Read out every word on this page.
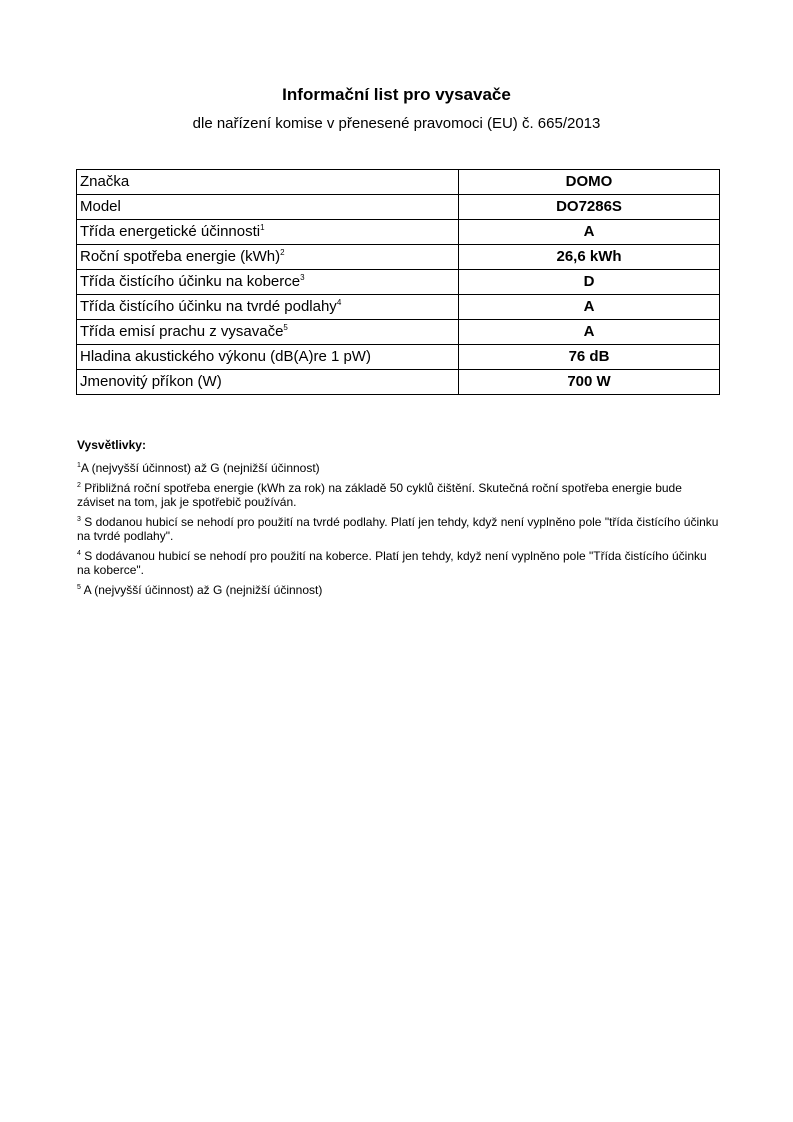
Informační list pro vysavače
dle nařízení komise v přenesené pravomoci (EU) č. 665/2013
Značka	DOMO
Model	DO7286S
Třída energetické účinnosti$^1$	A
Roční spotřeba energie (kWh)$^2$	26,6 kWh
Třída čistícího účinku na koberce$^3$	D
Třída čistícího účinku na tvrdé podlahy$^4$	A
Třída emisí prachu z vysavače$^5$	A
Hladina akustického výkonu (dB(A)re 1 pW)	76 dB
Jmenovitý příkon (W)	700 W
Vysvětlivky:
$^1$A (nejvyšší účinnost) až G (nejnižší účinnost)
$^2$ Přibližná roční spotřeba energie (kWh za rok) na základě 50 cyklů čištění. Skutečná roční spotřeba energie bude záviset na tom, jak je spotřebič používán.
$^3$ S dodanou hubicí se nehodí pro použití na tvrdé podlahy. Platí jen tehdy, když není vyplněno pole "třída čistícího účinku na tvrdé podlahy".
$^4$ S dodávanou hubicí se nehodí pro použití na koberce. Platí jen tehdy, když není vyplněno pole "Třída čistícího účinku na koberce".
$^5$ A (nejvyšší účinnost) až G (nejnižší účinnost)
